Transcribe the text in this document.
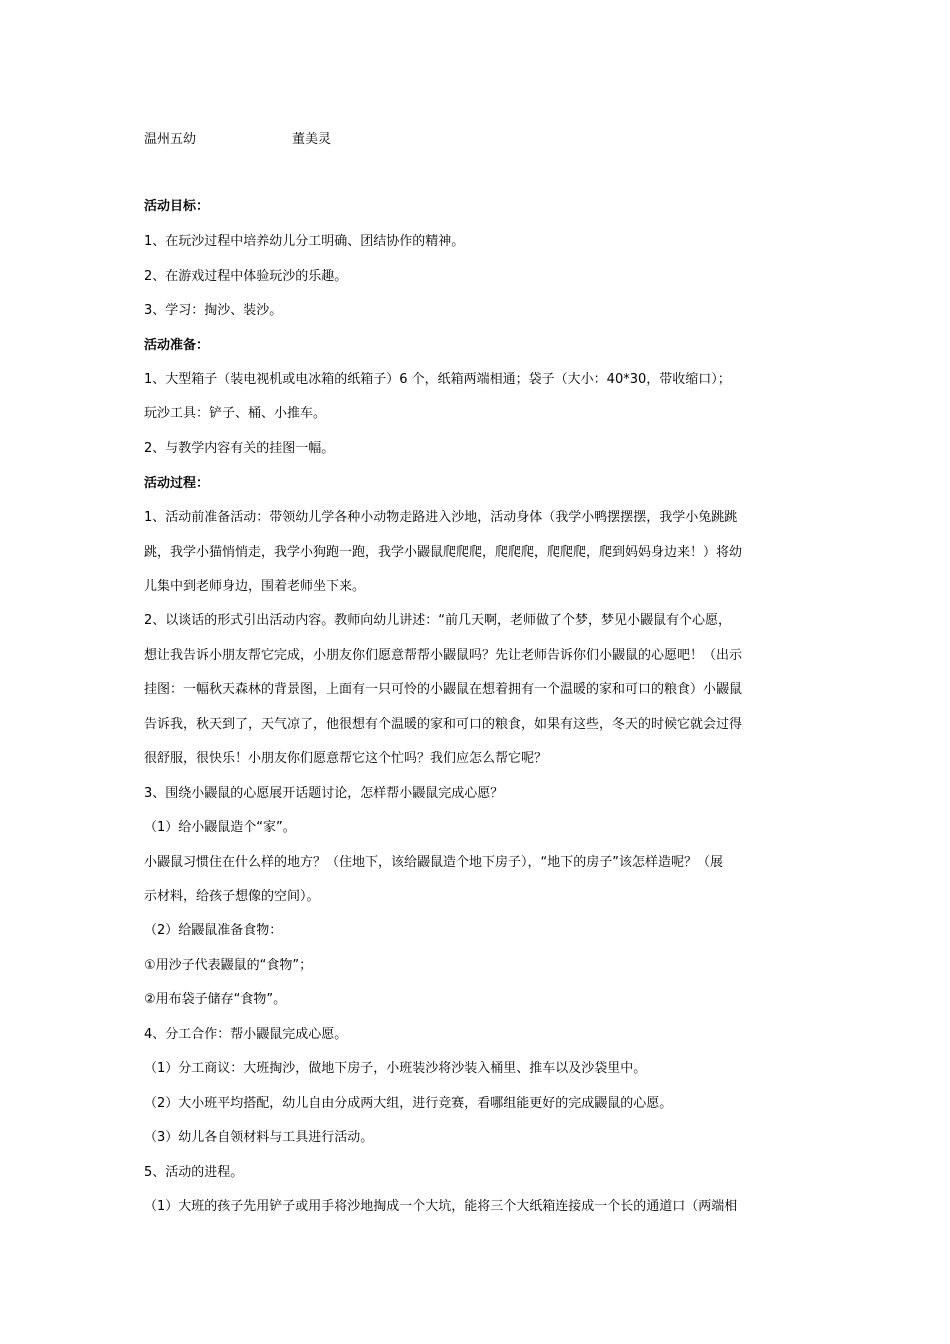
温州五幼	董美灵
活动目标：
1、在玩沙过程中培养幼儿分工明确、团结协作的精神。
2、在游戏过程中体验玩沙的乐趣。
3、学习：掏沙、装沙。
活动准备：
1、大型箱子（装电视机或电冰箱的纸箱子）6 个，纸箱两端相通；袋子（大小：40*30，带收缩口）；
玩沙工具：铲子、桶、小推车。
2、与教学内容有关的挂图一幅。
活动过程：
1、活动前准备活动：带领幼儿学各种小动物走路进入沙地，活动身体（我学小鸭摆摆摆，我学小兔跳跳
跳，我学小猫悄悄走，我学小狗跑一跑，我学小鼹鼠爬爬爬，爬爬爬，爬爬爬，爬到妈妈身边来！）将幼
儿集中到老师身边，围着老师坐下来。
2、以谈话的形式引出活动内容。教师向幼儿讲述：“前几天啊，老师做了个梦，梦见小鼹鼠有个心愿，
想让我告诉小朋友帮它完成，小朋友你们愿意帮帮小鼹鼠吗？先让老师告诉你们小鼹鼠的心愿吧！（出示
挂图：一幅秋天森林的背景图，上面有一只可怜的小鼹鼠在想着拥有一个温暖的家和可口的粮食）小鼹鼠
告诉我，秋天到了，天气凉了，他很想有个温暖的家和可口的粮食，如果有这些，冬天的时候它就会过得
很舒服，很快乐！小朋友你们愿意帮它这个忙吗？我们应怎么帮它呢？
3、围绕小鼹鼠的心愿展开话题讨论，怎样帮小鼹鼠完成心愿？
（1）给小鼹鼠造个“家”。
小鼹鼠习惯住在什么样的地方？（住地下，该给鼹鼠造个地下房子），“地下的房子”该怎样造呢？（展
示材料，给孩子想像的空间）。
（2）给鼹鼠准备食物：
①用沙子代表鼹鼠的“食物”；
②用布袋子储存“食物”。
4、分工合作：帮小鼹鼠完成心愿。
（1）分工商议：大班掏沙，做地下房子，小班装沙将沙装入桶里、推车以及沙袋里中。
（2）大小班平均搭配，幼儿自由分成两大组，进行竞赛，看哪组能更好的完成鼹鼠的心愿。
（3）幼儿各自领材料与工具进行活动。
5、活动的进程。
（1）大班的孩子先用铲子或用手将沙地掏成一个大坑，能将三个大纸箱连接成一个长的通道口（两端相
